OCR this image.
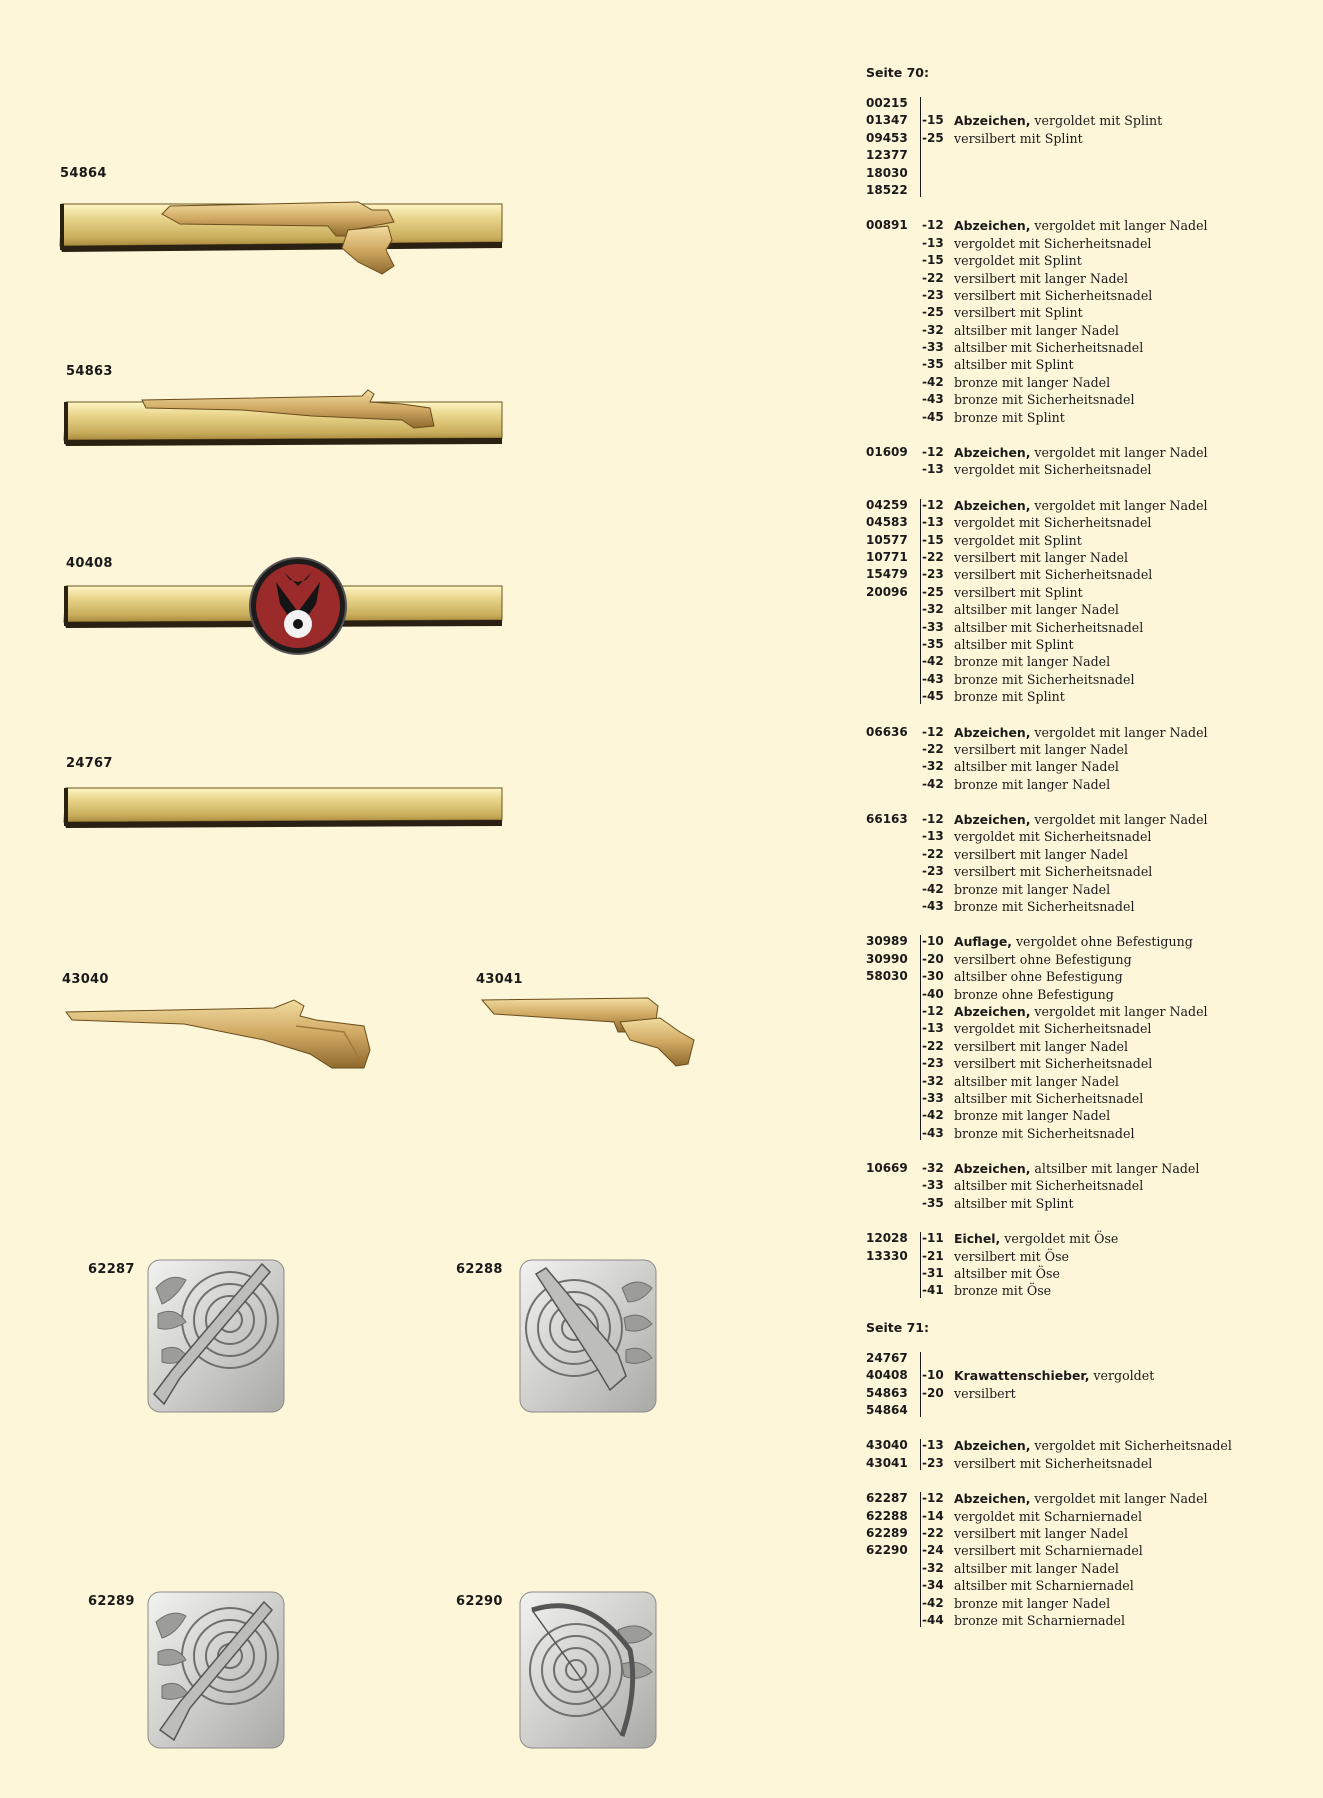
54864
54863
40408
24767
43040	43041
62287	62288
62289	62290
Seite 70:
00215
01347	-15 Abzeichen, vergoldet mit Splint
09453	-25 versilbert mit Splint
12377
18030
18522
00891	-12 Abzeichen, vergoldet mit langer Nadel
-13 vergoldet mit Sicherheitsnadel
-15 vergoldet mit Splint
-22 versilbert mit langer Nadel
-23 versilbert mit Sicherheitsnadel
-25 versilbert mit Splint
-32 altsilber mit langer Nadel
-33 altsilber mit Sicherheitsnadel
-35 altsilber mit Splint
-42 bronze mit langer Nadel
-43 bronze mit Sicherheitsnadel
-45 bronze mit Splint
01609	-12 Abzeichen, vergoldet mit langer Nadel
-13 vergoldet mit Sicherheitsnadel
04259	-12 Abzeichen, vergoldet mit langer Nadel
04583	-13 vergoldet mit Sicherheitsnadel
10577	-15 vergoldet mit Splint
10771	-22 versilbert mit langer Nadel
15479	-23 versilbert mit Sicherheitsnadel
20096	-25 versilbert mit Splint
-32 altsilber mit langer Nadel
-33 altsilber mit Sicherheitsnadel
-35 altsilber mit Splint
-42 bronze mit langer Nadel
-43 bronze mit Sicherheitsnadel
-45 bronze mit Splint
06636	-12 Abzeichen, vergoldet mit langer Nadel
-22 versilbert mit langer Nadel
-32 altsilber mit langer Nadel
-42 bronze mit langer Nadel
66163	-12 Abzeichen, vergoldet mit langer Nadel
-13 vergoldet mit Sicherheitsnadel
-22 versilbert mit langer Nadel
-23 versilbert mit Sicherheitsnadel
-42 bronze mit langer Nadel
-43 bronze mit Sicherheitsnadel
30989	-10 Auflage, vergoldet ohne Befestigung
30990	-20 versilbert ohne Befestigung
58030	-30 altsilber ohne Befestigung
-40 bronze ohne Befestigung
-12 Abzeichen, vergoldet mit langer Nadel
-13 vergoldet mit Sicherheitsnadel
-22 versilbert mit langer Nadel
-23 versilbert mit Sicherheitsnadel
-32 altsilber mit langer Nadel
-33 altsilber mit Sicherheitsnadel
-42 bronze mit langer Nadel
-43 bronze mit Sicherheitsnadel
10669	-32 Abzeichen, altsilber mit langer Nadel
-33 altsilber mit Sicherheitsnadel
-35 altsilber mit Splint
12028	-11 Eichel, vergoldet mit Öse
13330	-21 versilbert mit Öse
-31 altsilber mit Öse
-41 bronze mit Öse
Seite 71:
24767
40408	-10 Krawattenschieber, vergoldet
54863	-20 versilbert
54864
43040	-13 Abzeichen, vergoldet mit Sicherheitsnadel
43041	-23 versilbert mit Sicherheitsnadel
62287	-12 Abzeichen, vergoldet mit langer Nadel
62288	-14 vergoldet mit Scharniernadel
62289	-22 versilbert mit langer Nadel
62290	-24 versilbert mit Scharniernadel
-32 altsilber mit langer Nadel
-34 altsilber mit Scharniernadel
-42 bronze mit langer Nadel
-44 bronze mit Scharniernadel
